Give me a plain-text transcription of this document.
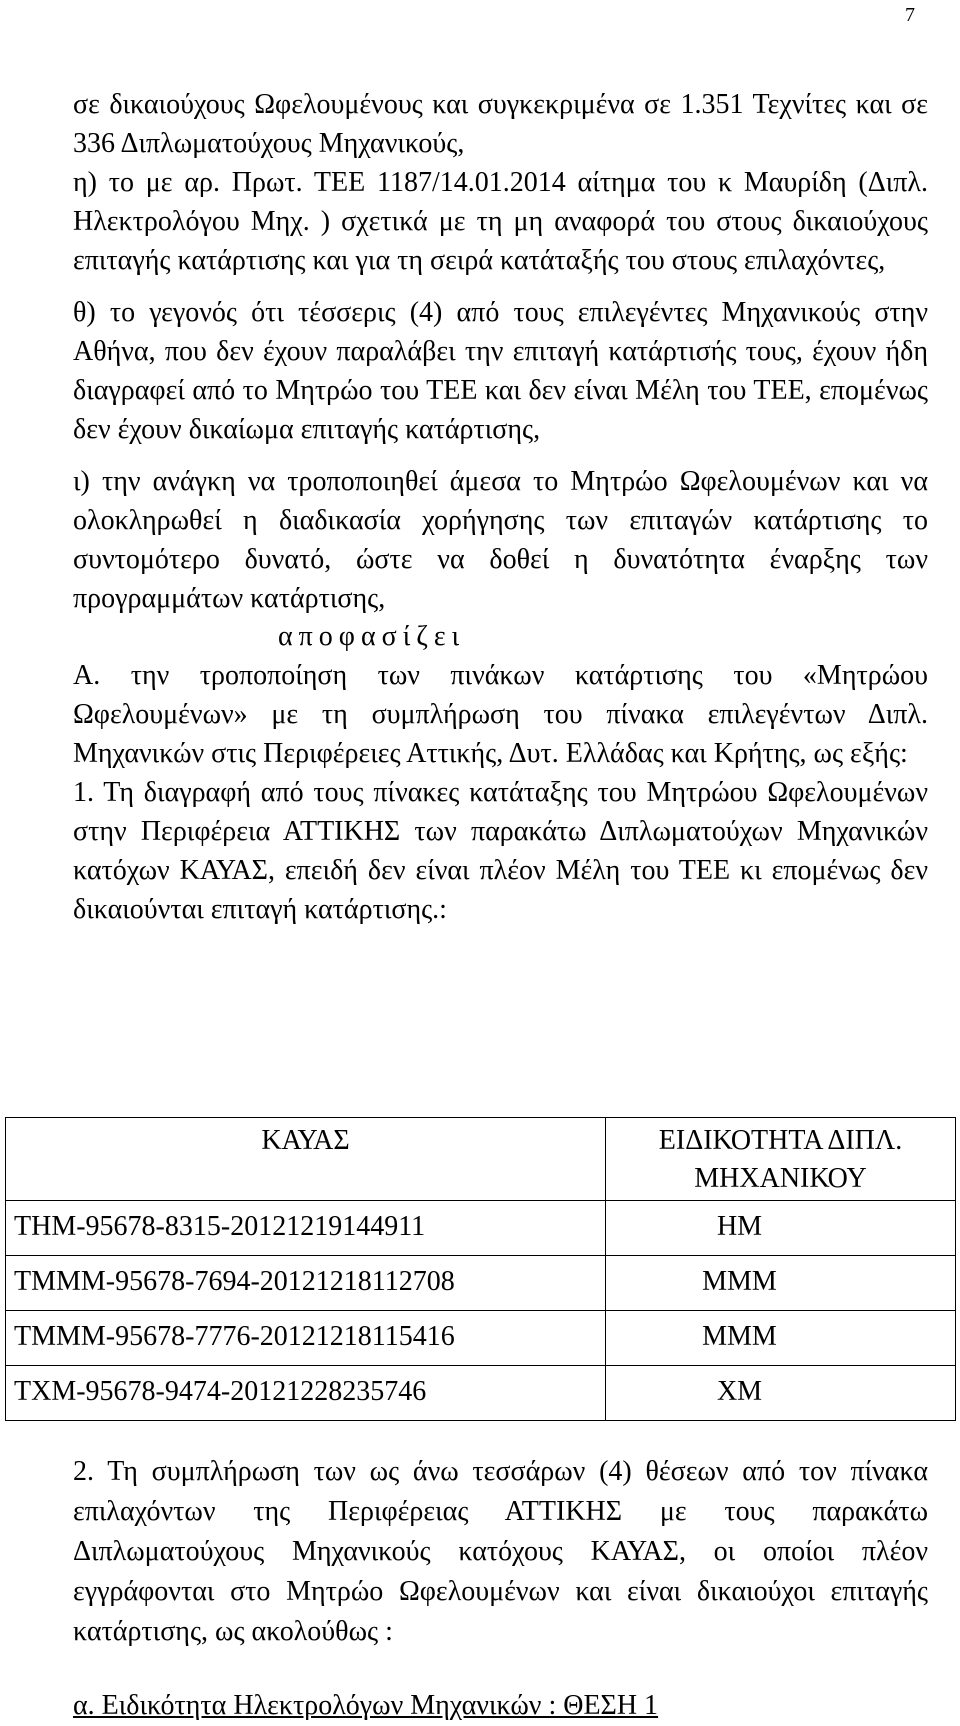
7

σε δικαιούχους Ωφελουμένους και συγκεκριμένα σε 1.351 Τεχνίτες και σε 336 Διπλωματούχους Μηχανικούς,

η) το με αρ. Πρωτ. ΤΕΕ 1187/14.01.2014 αίτημα του κ Μαυρίδη (Διπλ. Ηλεκτρολόγου Μηχ. ) σχετικά με τη μη αναφορά του στους δικαιούχους επιταγής κατάρτισης και για τη σειρά κατάταξής του στους επιλαχόντες,

θ) το γεγονός ότι τέσσερις (4) από τους επιλεγέντες Μηχανικούς στην Αθήνα, που δεν έχουν παραλάβει την επιταγή κατάρτισής τους, έχουν ήδη διαγραφεί από το Μητρώο του ΤΕΕ και δεν είναι Μέλη του ΤΕΕ, επομένως δεν έχουν δικαίωμα επιταγής κατάρτισης,

ι) την ανάγκη να τροποποιηθεί άμεσα το Μητρώο Ωφελουμένων και να ολοκληρωθεί η διαδικασία χορήγησης των επιταγών κατάρτισης το συντομότερο δυνατό, ώστε να δοθεί η δυνατότητα έναρξης των προγραμμάτων κατάρτισης,

αποφασίζει

Α. την τροποποίηση των πινάκων κατάρτισης του «Μητρώου Ωφελουμένων» με τη συμπλήρωση του πίνακα επιλεγέντων Διπλ. Μηχανικών στις Περιφέρειες Αττικής, Δυτ. Ελλάδας και Κρήτης, ως εξής:

1. Τη διαγραφή από τους πίνακες κατάταξης του Μητρώου Ωφελουμένων στην Περιφέρεια ΑΤΤΙΚΗΣ των παρακάτω Διπλωματούχων Μηχανικών κατόχων ΚΑΥΑΣ, επειδή δεν είναι πλέον Μέλη του ΤΕΕ κι επομένως δεν δικαιούνται επιταγή κατάρτισης.:

ΚΑΥΑΣ	ΕΙΔΙΚΟΤΗΤΑ ΔΙΠΛ. ΜΗΧΑΝΙΚΟΥ
ΤΗΜ-95678-8315-20121219144911	ΗΜ
ΤΜΜΜ-95678-7694-20121218112708	ΜΜΜ
ΤΜΜΜ-95678-7776-20121218115416	ΜΜΜ
ΤΧΜ-95678-9474-20121228235746	ΧΜ

2. Τη συμπλήρωση των ως άνω τεσσάρων (4) θέσεων από τον πίνακα επιλαχόντων της Περιφέρειας ΑΤΤΙΚΗΣ με τους παρακάτω Διπλωματούχους Μηχανικούς κατόχους ΚΑΥΑΣ, οι οποίοι πλέον εγγράφονται στο Μητρώο Ωφελουμένων και είναι δικαιούχοι επιταγής κατάρτισης, ως ακολούθως :

α. Ειδικότητα Ηλεκτρολόγων Μηχανικών : ΘΕΣΗ 1
